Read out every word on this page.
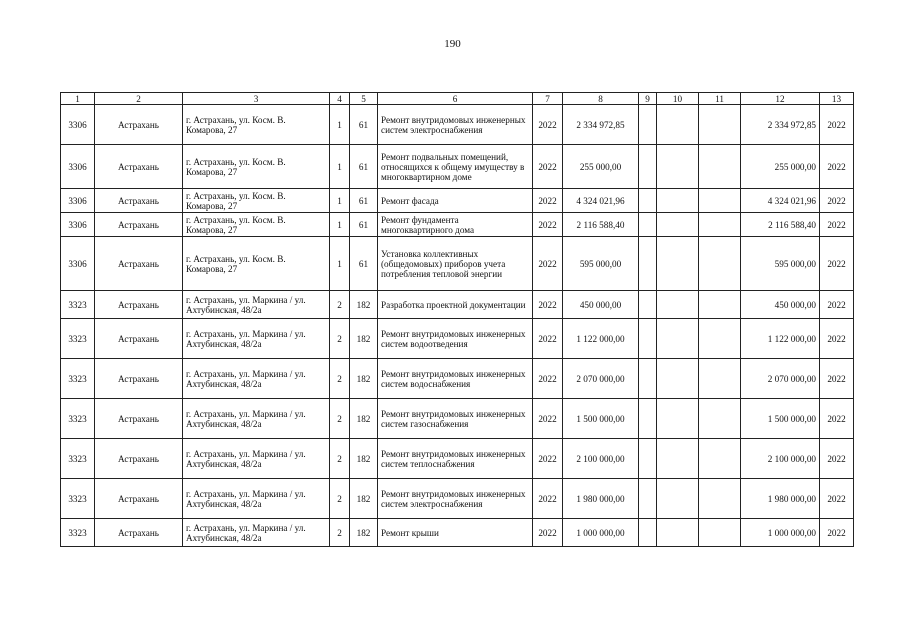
190
1	2	3	4	5	6	7	8	9	10	11	12	13
3306	Астрахань	г. Астрахань, ул. Косм. В. Комарова, 27	1	61	Ремонт внутридомовых инженерных систем электроснабжения	2022	2 334 972,85				2 334 972,85	2022
3306	Астрахань	г. Астрахань, ул. Косм. В. Комарова, 27	1	61	Ремонт подвальных помещений, относящихся к общему имуществу в многоквартирном доме	2022	255 000,00				255 000,00	2022
3306	Астрахань	г. Астрахань, ул. Косм. В. Комарова, 27	1	61	Ремонт фасада	2022	4 324 021,96				4 324 021,96	2022
3306	Астрахань	г. Астрахань, ул. Косм. В. Комарова, 27	1	61	Ремонт фундамента многоквартирного дома	2022	2 116 588,40				2 116 588,40	2022
3306	Астрахань	г. Астрахань, ул. Косм. В. Комарова, 27	1	61	Установка коллективных (общедомовых) приборов учета потребления тепловой энергии	2022	595 000,00				595 000,00	2022
3323	Астрахань	г. Астрахань, ул. Маркина / ул. Ахтубинская, 48/2а	2	182	Разработка проектной документации	2022	450 000,00				450 000,00	2022
3323	Астрахань	г. Астрахань, ул. Маркина / ул. Ахтубинская, 48/2а	2	182	Ремонт внутридомовых инженерных систем водоотведения	2022	1 122 000,00				1 122 000,00	2022
3323	Астрахань	г. Астрахань, ул. Маркина / ул. Ахтубинская, 48/2а	2	182	Ремонт внутридомовых инженерных систем водоснабжения	2022	2 070 000,00				2 070 000,00	2022
3323	Астрахань	г. Астрахань, ул. Маркина / ул. Ахтубинская, 48/2а	2	182	Ремонт внутридомовых инженерных систем газоснабжения	2022	1 500 000,00				1 500 000,00	2022
3323	Астрахань	г. Астрахань, ул. Маркина / ул. Ахтубинская, 48/2а	2	182	Ремонт внутридомовых инженерных систем теплоснабжения	2022	2 100 000,00				2 100 000,00	2022
3323	Астрахань	г. Астрахань, ул. Маркина / ул. Ахтубинская, 48/2а	2	182	Ремонт внутридомовых инженерных систем электроснабжения	2022	1 980 000,00				1 980 000,00	2022
3323	Астрахань	г. Астрахань, ул. Маркина / ул. Ахтубинская, 48/2а	2	182	Ремонт крыши	2022	1 000 000,00				1 000 000,00	2022
